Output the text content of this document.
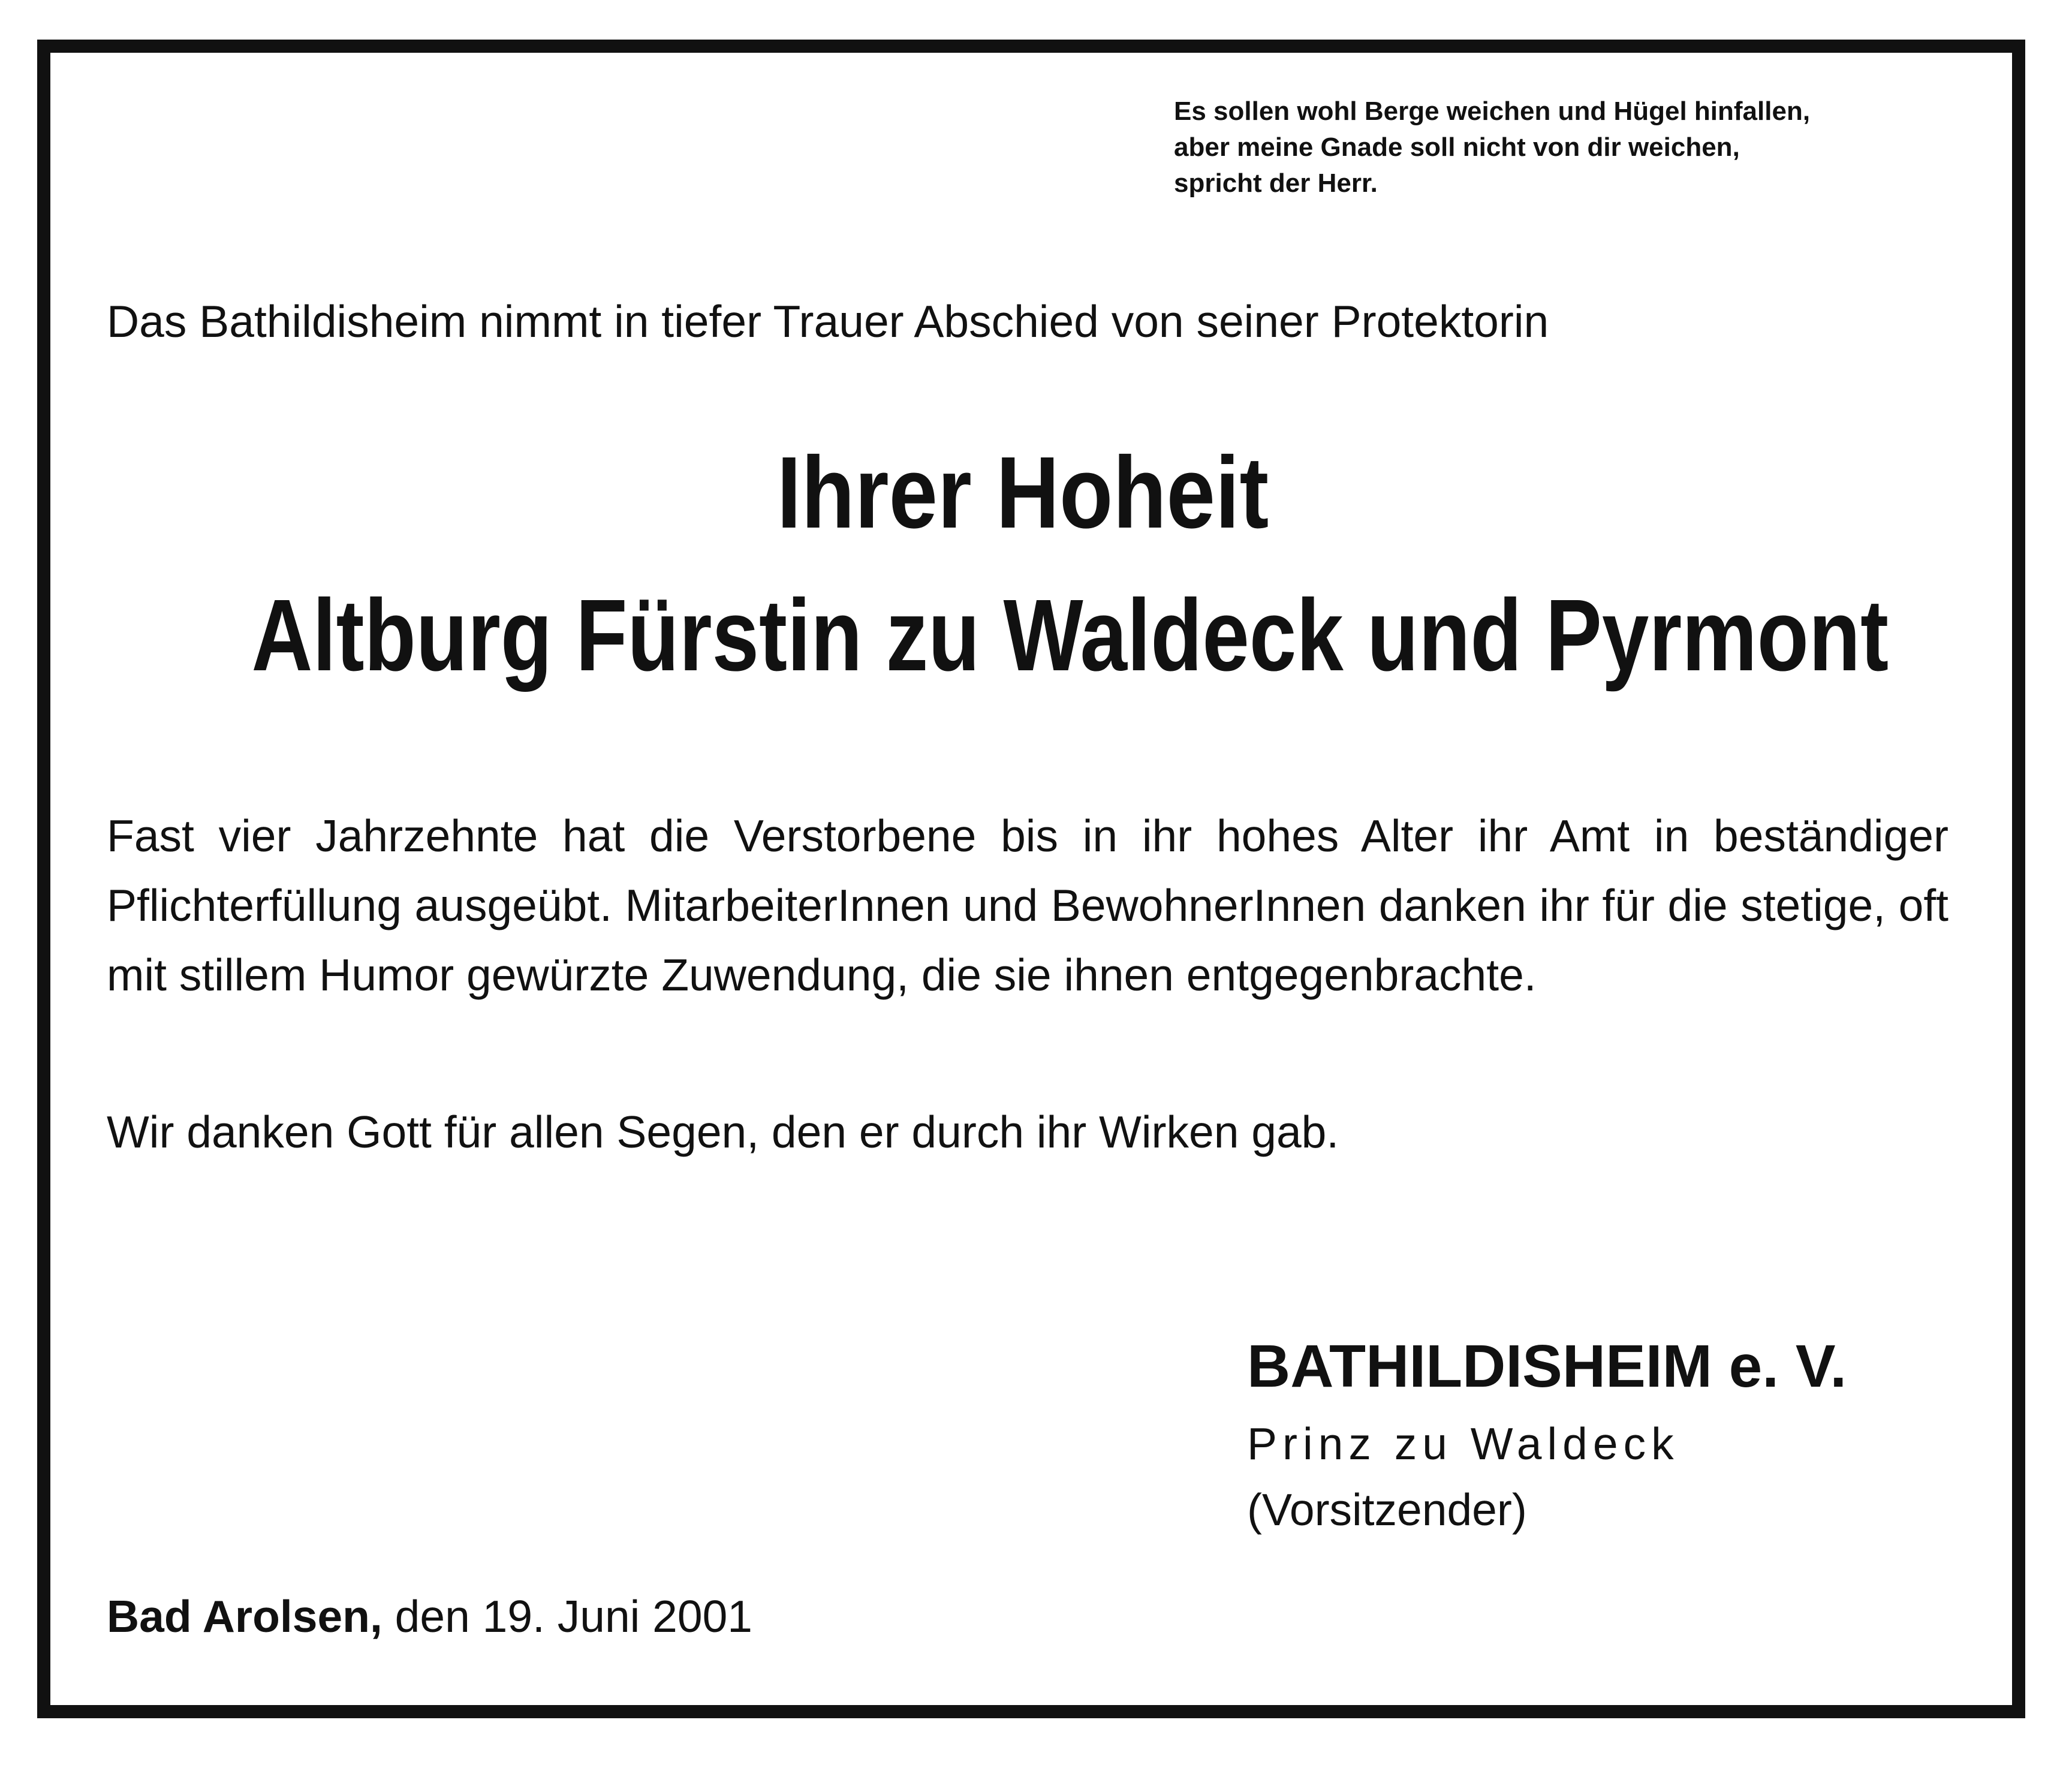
Es sollen wohl Berge weichen und Hügel hinfallen,
aber meine Gnade soll nicht von dir weichen,
spricht der Herr.
Das Bathildisheim nimmt in tiefer Trauer Abschied von seiner Protektorin
Ihrer Hoheit
Altburg Fürstin zu Waldeck und Pyrmont
Fast vier Jahrzehnte hat die Verstorbene bis in ihr hohes Alter ihr Amt in beständiger Pflichterfüllung ausgeübt. MitarbeiterInnen und BewohnerInnen danken ihr für die stetige, oft mit stillem Humor gewürzte Zuwendung, die sie ihnen entgegenbrachte.
Wir danken Gott für allen Segen, den er durch ihr Wirken gab.
BATHILDISHEIM e. V.
Prinz zu Waldeck
(Vorsitzender)
Bad Arolsen, den 19. Juni 2001
